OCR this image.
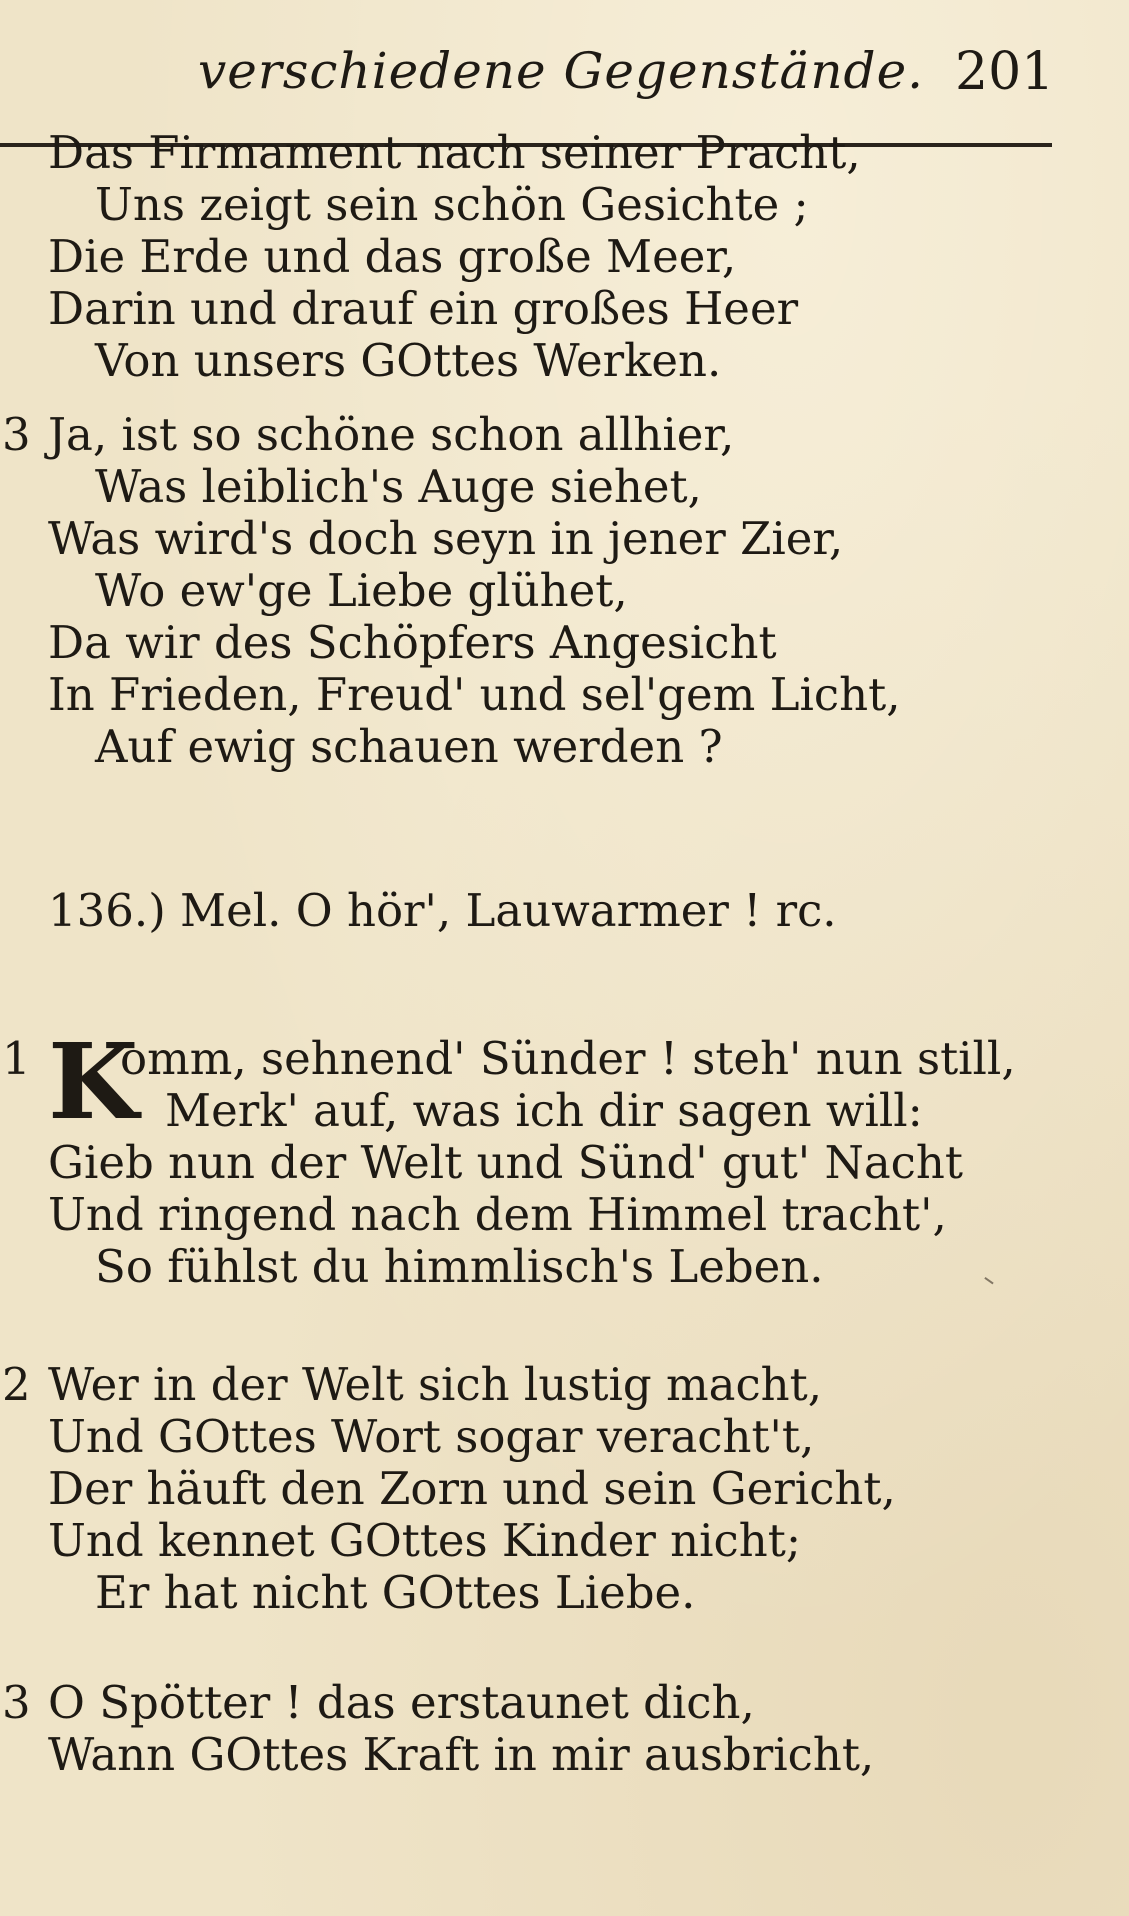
verschiedene Gegenstände. 201
Das Firmament nach seiner Pracht,
Uns zeigt sein schön Gesichte ;
Die Erde und das große Meer,
Darin und drauf ein großes Heer
Von unsers GOttes Werken.
3 Ja, ist so schöne schon allhier,
Was leiblich's Auge siehet,
Was wird's doch seyn in jener Zier,
Wo ew'ge Liebe glühet,
Da wir des Schöpfers Angesicht
In Frieden, Freud' und sel'gem Licht,
Auf ewig schauen werden ?
136.) Mel. O hör', Lauwarmer ! rc.
1 K
omm, sehnend' Sünder ! steh' nun still,
Merk' auf, was ich dir sagen will:
Gieb nun der Welt und Sünd' gut' Nacht
Und ringend nach dem Himmel tracht',
So fühlst du himmlisch's Leben.
2 Wer in der Welt sich lustig macht,
Und GOttes Wort sogar veracht't,
Der häuft den Zorn und sein Gericht,
Und kennet GOttes Kinder nicht;
Er hat nicht GOttes Liebe.
3 O Spötter ! das erstaunet dich,
Wann GOttes Kraft in mir ausbricht,
